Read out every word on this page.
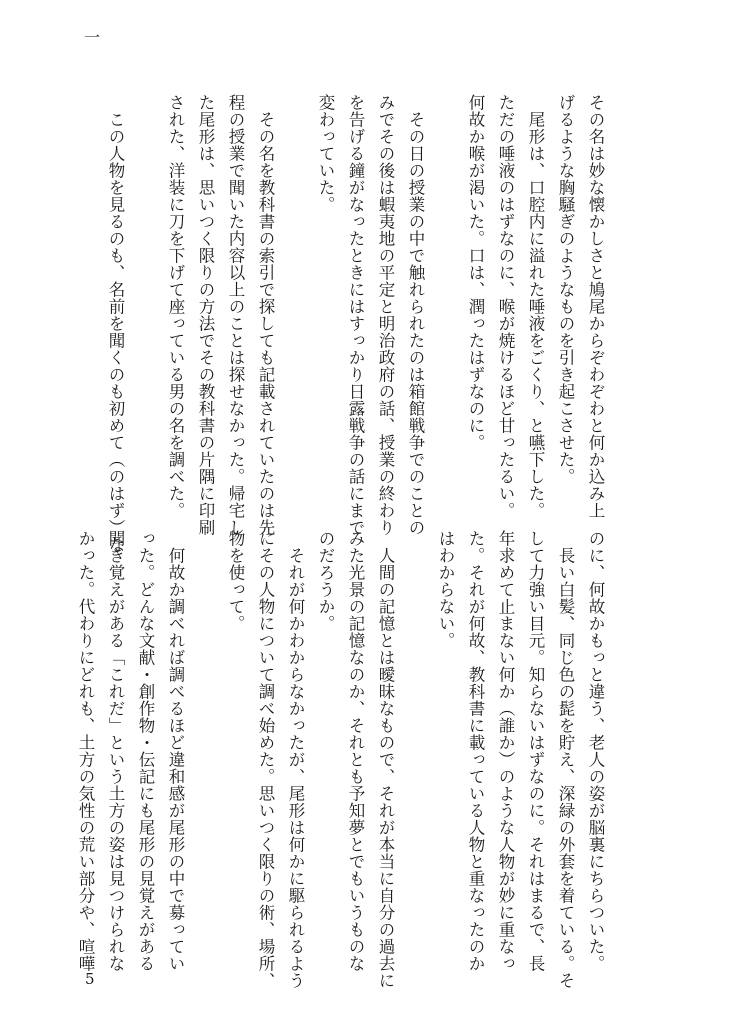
一

その名は妙な懐かしさと鳩尾からぞわぞわと何か込み上

げるような胸騒ぎのようなものを引き起こさせた。

尾形は、口腔内に溢れた唾液をごくり、と嚥下した。

ただの唾液のはずなのに、喉が焼けるほど甘ったるい。

何故か喉が渇いた。口は、潤ったはずなのに。

その日の授業の中で触れられたのは箱館戦争でのことの

みでその後は蝦夷地の平定と明治政府の話、授業の終わり

を告げる鐘がなったときにはすっかり日露戦争の話にまで

変わっていた。

その名を教科書の索引で探しても記載されていたのは先

程の授業で聞いた内容以上のことは探せなかった。帰宅し

た尾形は、思いつく限りの方法でその教科書の片隅に印刷

された、洋装に刀を下げて座っている男の名を調べた。

この人物を見るのも、名前を聞くのも初めて（のはず）な

のに、何故かもっと違う、老人の姿が脳裏にちらついた。

長い白髪、同じ色の髭を貯え、深緑の外套を着ている。そ

して力強い目元。知らないはずなのに。それはまるで、長

年求めて止まない何か（誰か）のような人物が妙に重なっ

た。それが何故、教科書に載っている人物と重なったのか

はわからない。

人間の記憶とは曖昧なもので、それが本当に自分の過去に

みた光景の記憶なのか、それとも予知夢とでもいうものな

のだろうか。

それが何かわからなかったが、尾形は何かに駆られるよう

にその人物について調べ始めた。思いつく限りの術、場所、

物を使って。

何故か調べれば調べるほど違和感が尾形の中で募ってい

った。どんな文献・創作物・伝記にも尾形の見覚えがある

聞き覚えがある「これだ」という土方の姿は見つけられな

かった。代わりにどれも、土方の気性の荒い部分や、喧嘩

5
